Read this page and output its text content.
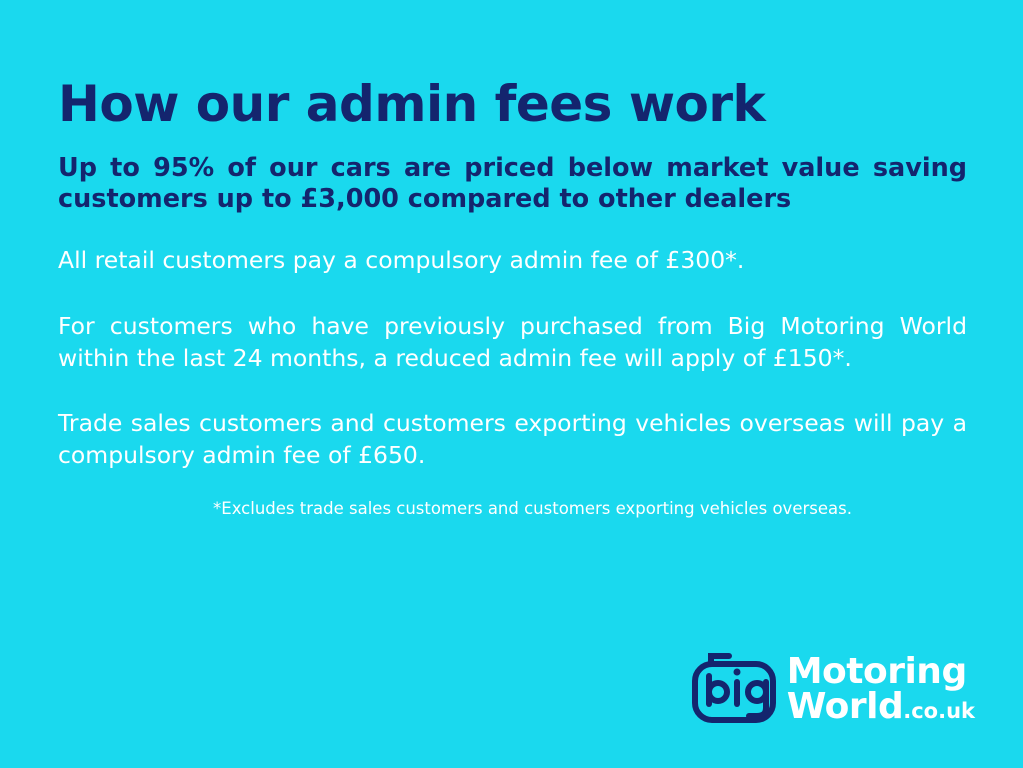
How our admin fees work

Up to 95% of our cars are priced below market value saving customers up to £3,000 compared to other dealers

All retail customers pay a compulsory admin fee of £300*.

For customers who have previously purchased from Big Motoring World within the last 24 months, a reduced admin fee will apply of £150*.

Trade sales customers and customers exporting vehicles overseas will pay a compulsory admin fee of £650.

*Excludes trade sales customers and customers exporting vehicles overseas.

Motoring
World.co.uk
